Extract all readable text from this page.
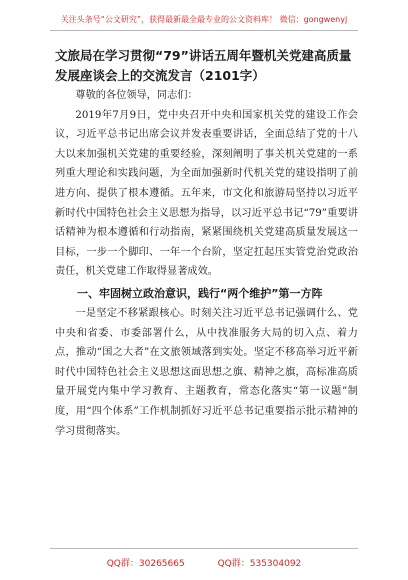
关注头条号“公文研究”，获得最新最全最专业的公文资料库！ 微信：gongwenyj

文旅局在学习贯彻“79”讲话五周年暨机关党建高质量发展座谈会上的交流发言（2101字）

尊敬的各位领导，同志们：

2019年7月9日，党中央召开中央和国家机关党的建设工作会议，习近平总书记出席会议并发表重要讲话，全面总结了党的十八大以来加强机关党建的重要经验，深刻阐明了事关机关党建的一系列重大理论和实践问题，为全面加强新时代机关党的建设指明了前进方向、提供了根本遵循。五年来，市文化和旅游局坚持以习近平新时代中国特色社会主义思想为指导，以习近平总书记“79”重要讲话精神为根本遵循和行动指南，紧紧围绕机关党建高质量发展这一目标，一步一个脚印、一年一个台阶，坚定扛起压实管党治党政治责任，机关党建工作取得显著成效。

一、牢固树立政治意识，践行“两个维护”第一方阵

一是坚定不移紧跟核心。时刻关注习近平总书记强调什么、党中央和省委、市委部署什么，从中找准服务大局的切入点、着力点，推动“国之大者”在文旅领域落到实处。坚定不移高举习近平新时代中国特色社会主义思想这面思想之旗、精神之旗，高标准高质量开展党内集中学习教育、主题教育，常态化落实“第一议题”制度，用“四个体系”工作机制抓好习近平总书记重要指示批示精神的学习贯彻落实。

QQ群：30265665	QQ群：535304092
